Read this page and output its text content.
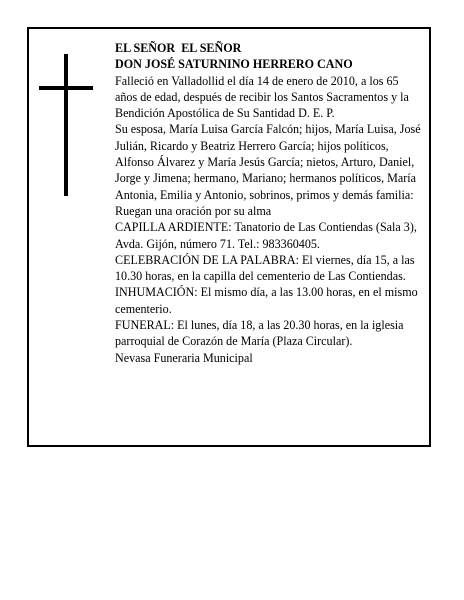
EL SEÑOR  EL SEÑOR

DON JOSÉ SATURNINO HERRERO CANO

Falleció en Valladollid el día 14 de enero de 2010, a los 65 años de edad, después de recibir los Santos Sacramentos y la Bendición Apostólica de Su Santidad D. E. P.

Su esposa, María Luisa García Falcón; hijos, María Luisa, José Julián, Ricardo y Beatriz Herrero García; hijos políticos, Alfonso Álvarez y María Jesús García; nietos, Arturo, Daniel, Jorge y Jimena; hermano, Mariano; hermanos políticos, María Antonia, Emilia y Antonio, sobrinos, primos y demás familia:

Ruegan una oración por su alma

CAPILLA ARDIENTE: Tanatorio de Las Contiendas (Sala 3), Avda. Gijón, número 71. Tel.: 983360405.

CELEBRACIÓN DE LA PALABRA: El viernes, día 15, a las 10.30 horas, en la capilla del cementerio de Las Contiendas.

INHUMACIÓN: El mismo día, a las 13.00 horas, en el mismo cementerio.

FUNERAL: El lunes, día 18, a las 20.30 horas, en la iglesia parroquial de Corazón de María (Plaza Circular).

Nevasa Funeraria Municipal
